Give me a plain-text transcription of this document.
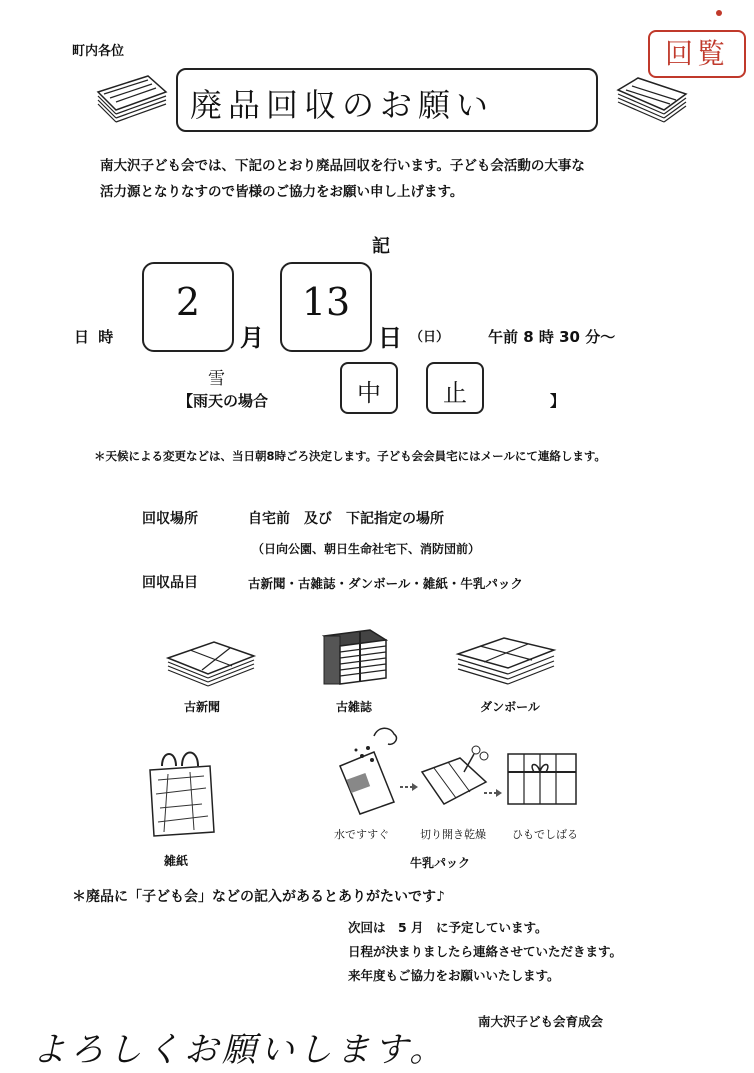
町内各位	回覧
廃品回収のお願い
南大沢子ども会では、下記のとおり廃品回収を行います。子ども会活動の大事な
活力源となりなすので皆様のご協力をお願い申し上げます。
記
日 時
2
月
13
日 （日）	午前 8 時 30 分～
雪
【雨天の場合	中	止	】
＊天候による変更などは、当日朝8時ごろ決定します。子ども会会員宅にはメールにて連絡します。
回収場所	自宅前　及び　下記指定の場所
（日向公園、朝日生命社宅下、消防団前）
回収品目	古新聞・古雑誌・ダンボール・雑紙・牛乳パック
古新聞	古雑誌	ダンボール
雑紙
水ですすぐ	切り開き乾燥 ひもでしばる
牛乳パック
＊廃品に「子ども会」などの記入があるとありがたいです♪
次回は　5 月　に予定しています。
日程が決まりましたら連絡させていただきます。
来年度もご協力をお願いいたします。
南大沢子ども会育成会
よろしくお願いします。
